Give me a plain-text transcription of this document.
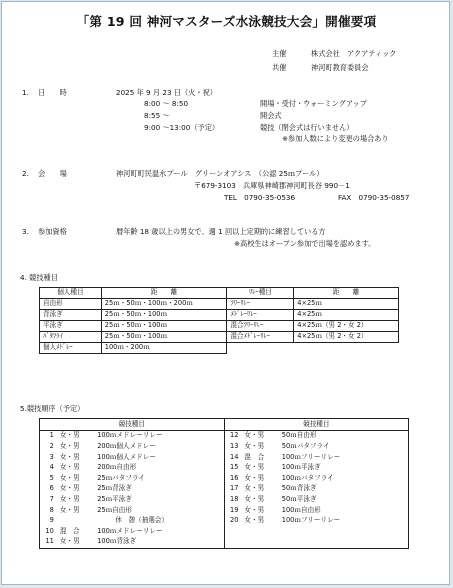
「第 19 回 神河マスターズ水泳競技大会」開催要項
主催	株式会社　アクアティック
共催	神河町教育委員会
1. 日　　時	2025 年 9 月 23 日（火・祝）
8:00 ～ 8:50	開場・受付・ウォーミングアップ
8:55 ～	開会式
9:00 ～13:00（予定）	競技（閉会式は行いません）
※参加人数により変更の場合あり
2. 会　　場	神河町町民温水プール　グリーンオアシス　（公認 25ｍプール）
〒679-3103　兵庫県神崎郡神河町長谷 990－1
TEL　0790-35-0536	FAX　0790-35-0857
3. 参加資格	暦年齢 18 歳以上の男女で、週 1 回以上定期的に練習している方
※高校生はオープン参加で出場を認めます。
4. 競技種目
個人種目	距　　離	ﾘﾚｰ種目	距　　離
自由形	25ｍ・50ｍ・100ｍ・200ｍ	ﾌﾘｰﾘﾚｰ	4×25ｍ
背泳ぎ	25ｍ・50ｍ・100ｍ	ﾒﾄﾞﾚｰﾘﾚｰ	4×25ｍ
平泳ぎ	25ｍ・50ｍ・100ｍ	混合ﾌﾘｰﾘﾚｰ	4×25ｍ（男 2・女 2）
ﾊﾞﾀﾌﾗｲ	25ｍ・50ｍ・100ｍ	混合ﾒﾄﾞﾚｰﾘﾚｰ	4×25ｍ（男 2・女 2）
個人ﾒﾄﾞﾚｰ	100ｍ・200ｍ		
5.競技順序（予定）
競技種目			競技種目		
1	女・男	100ｍメドレーリレー	12	女・男	50ｍ自由形
2	女・男	200ｍ個人メドレー	13	女・男	50ｍバタフライ
3	女・男	100ｍ個人メドレー	14	混　合	100ｍフリーリレー
4	女・男	200ｍ自由形	15	女・男	100ｍ平泳ぎ
5	女・男	25ｍバタフライ	16	女・男	100ｍバタフライ
6	女・男	25ｍ背泳ぎ	17	女・男	50ｍ背泳ぎ
7	女・男	25ｍ平泳ぎ	18	女・男	50ｍ平泳ぎ
8	女・男	25ｍ自由形	19	女・男	100ｍ自由形
9	休　憩（抽選会）		20	女・男	100ｍフリーリレー
10	混　合	100ｍメドレーリレー			
11	女・男	100ｍ背泳ぎ			
